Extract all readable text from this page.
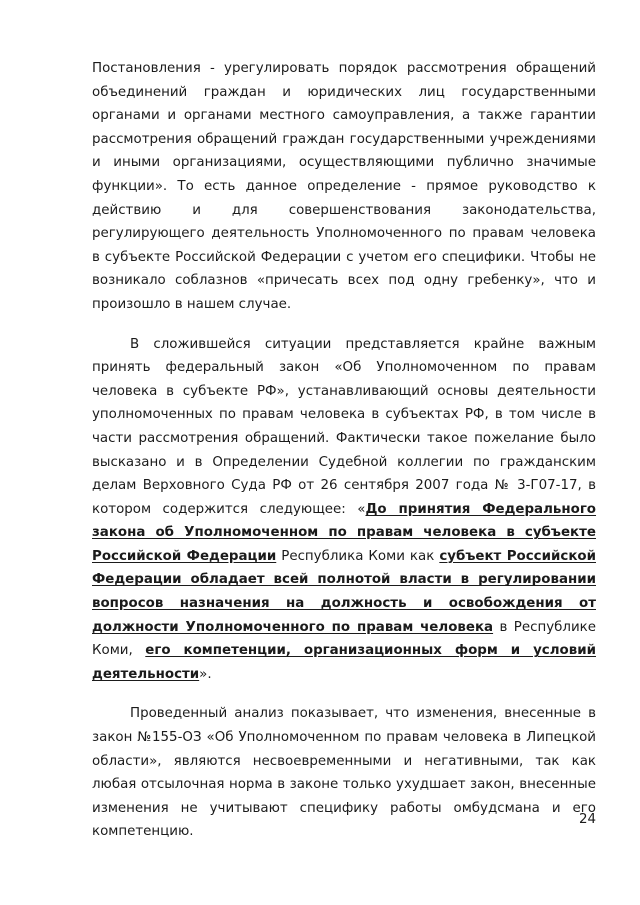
Постановления - урегулировать порядок рассмотрения обращений объединений граждан и юридических лиц государственными органами и органами местного самоуправления, а также гарантии рассмотрения обращений граждан государственными учреждениями и иными организациями, осуществляющими публично значимые функции». То есть данное определение - прямое руководство к действию и для совершенствования законодательства, регулирующего деятельность Уполномоченного по правам человека в субъекте Российской Федерации с учетом его специфики. Чтобы не возникало соблазнов «причесать всех под одну гребенку», что и произошло в нашем случае.

В сложившейся ситуации представляется крайне важным принять федеральный закон «Об Уполномоченном по правам человека в субъекте РФ», устанавливающий основы деятельности уполномоченных по правам человека в субъектах РФ, в том числе в части рассмотрения обращений. Фактически такое пожелание было высказано и в Определении Судебной коллегии по гражданским делам Верховного Суда РФ от 26 сентября 2007 года № 3-Г07-17, в котором содержится следующее: «До принятия Федерального закона об Уполномоченном по правам человека в субъекте Российской Федерации Республика Коми как субъект Российской Федерации обладает всей полнотой власти в регулировании вопросов назначения на должность и освобождения от должности Уполномоченного по правам человека в Республике Коми, его компетенции, организационных форм и условий деятельности».

Проведенный анализ показывает, что изменения, внесенные в закон №155-ОЗ «Об Уполномоченном по правам человека в Липецкой области», являются несвоевременными и негативными, так как любая отсылочная норма в законе только ухудшает закон, внесенные изменения не учитывают специфику работы омбудсмана и его компетенцию.

24
